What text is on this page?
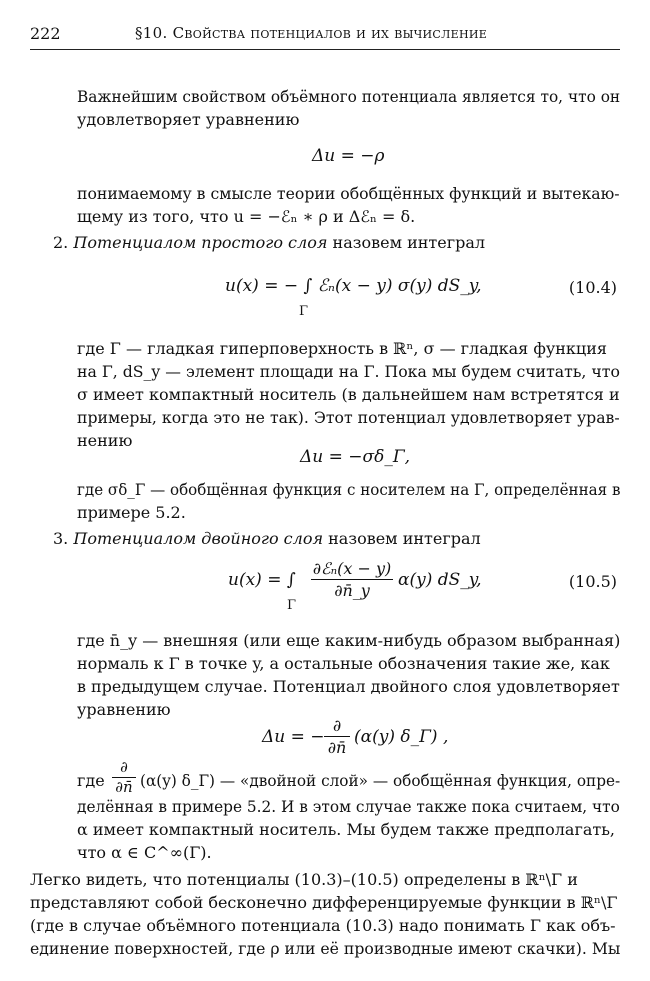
222	§10. Свойства потенциалов и их вычисление
Важнейшим свойством объёмного потенциала является то, что он
удовлетворяет уравнению
Δu = −ρ
понимаемому в смысле теории обобщённых функций и вытекаю-
щему из того, что u = −ℰₙ ∗ ρ и Δℰₙ = δ.
2. Потенциалом простого слоя назовем интеграл
u(x) = − ∫ ℰₙ(x − y) σ(y) dS_y,
Γ
(10.4)
где Γ — гладкая гиперповерхность в ℝⁿ, σ — гладкая функция
на Γ, dS_y — элемент площади на Γ. Пока мы будем считать, что
σ имеет компактный носитель (в дальнейшем нам встретятся и
примеры, когда это не так). Этот потенциал удовлетворяет урав-
нению
Δu = −σδ_Γ,
где σδ_Γ — обобщённая функция с носителем на Γ, определённая в
примере 5.2.
3. Потенциалом двойного слоя назовем интеграл
u(x) = ∫
∂ℰₙ(x − y)
∂n̄_y
α(y) dS_y,
Γ
(10.5)
где n̄_y — внешняя (или еще каким-нибудь образом выбранная)
нормаль к Γ в точке y, а остальные обозначения такие же, как
в предыдущем случае. Потенциал двойного слоя удовлетворяет
уравнению
Δu = −
∂
∂n̄
(α(y) δ_Γ) ,
где
∂
∂n̄ (α(y) δ_Γ) — «двойной слой» — обобщённая функция, опре-
делённая в примере 5.2. И в этом случае также пока считаем, что
α имеет компактный носитель. Мы будем также предполагать,
что α ∈ C^∞(Γ).
Легко видеть, что потенциалы (10.3)–(10.5) определены в ℝⁿ\Γ и
представляют собой бесконечно дифференцируемые функции в ℝⁿ\Γ
(где в случае объёмного потенциала (10.3) надо понимать Γ как объ-
единение поверхностей, где ρ или её производные имеют скачки). Мы
